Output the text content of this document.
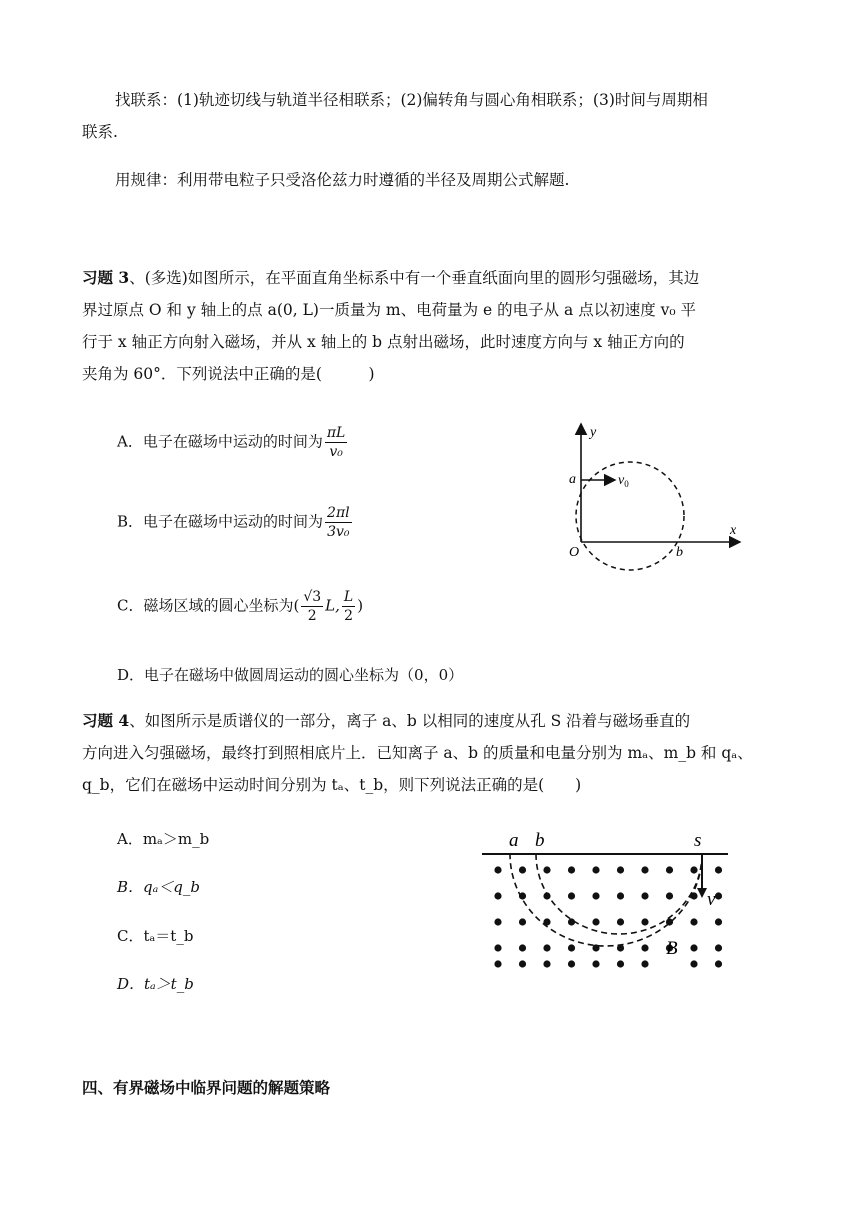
找联系：(1)轨迹切线与轨道半径相联系；(2)偏转角与圆心角相联系；(3)时间与周期相
联系.
用规律：利用带电粒子只受洛伦兹力时遵循的半径及周期公式解题.
习题 3、(多选)如图所示，在平面直角坐标系中有一个垂直纸面向里的圆形匀强磁场，其边
界过原点 O 和 y 轴上的点 a(0, L)一质量为 m、电荷量为 e 的电子从 a 点以初速度 v₀ 平
行于 x 轴正方向射入磁场，并从 x 轴上的 b 点射出磁场，此时速度方向与 x 轴正方向的
夹角为 60°．下列说法中正确的是(　　　)
A．电子在磁场中运动的时间为 $\frac{\pi L}{\text{v₀}}$
B．电子在磁场中运动的时间为 $\frac{2\pi l}{\text{3v₀}}$
C．磁场区域的圆心坐标为( $\frac{√3}{2} L$, $\frac{L}{2}$ )
D．电子在磁场中做圆周运动的圆心坐标为（0，0）
y
x
a
O	b
$v_0$
习题 4、如图所示是质谱仪的一部分，离子 a、b 以相同的速度从孔 S 沿着与磁场垂直的
方向进入匀强磁场，最终打到照相底片上．已知离子 a、b 的质量和电量分别为 mₐ、m_b 和 qₐ、
q_b，它们在磁场中运动时间分别为 tₐ、t_b，则下列说法正确的是(　　)
A．mₐ＞m_b
B．qₐ＜q_b
C．tₐ＝t_b
D．tₐ＞t_b
a b	s
v
B
四、有界磁场中临界问题的解题策略
